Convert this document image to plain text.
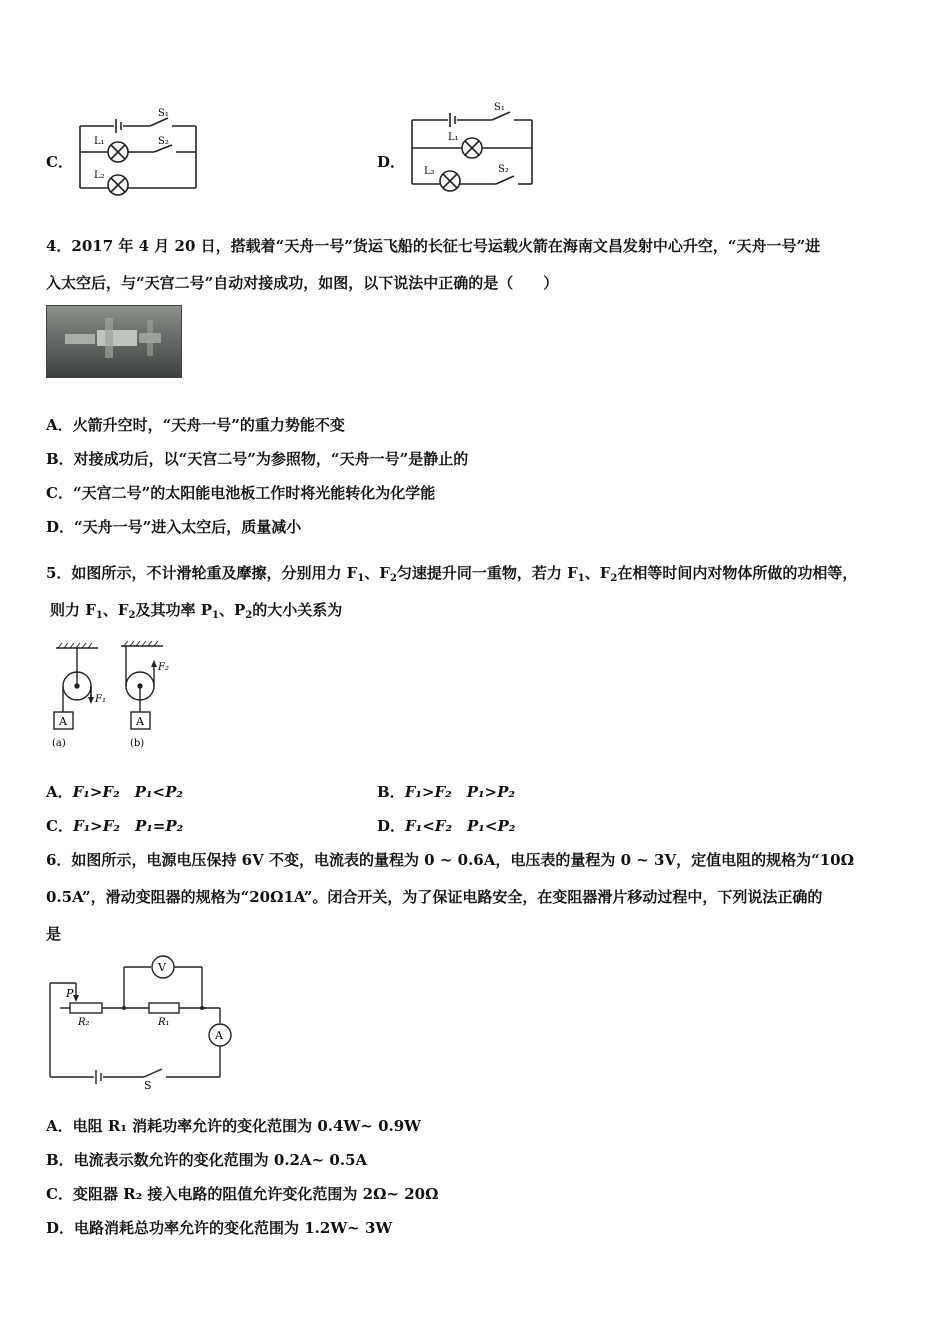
C．
S₁
L₁	S₂
L₂
D．
S₁
L₁
L₂	S₂
4．2017 年 4 月 20 日，搭载着“天舟一号”货运飞船的长征七号运载火箭在海南文昌发射中心升空，“天舟一号”进
入太空后，与“天宫二号”自动对接成功，如图，以下说法中正确的是（　　）
A．火箭升空时，“天舟一号”的重力势能不变
B．对接成功后，以“天宫二号”为参照物，“天舟一号”是静止的
C．“天宫二号”的太阳能电池板工作时将光能转化为化学能
D．“天舟一号”进入太空后，质量减小
5．如图所示，不计滑轮重及摩擦，分别用力 $F_1$、$F_2$匀速提升同一重物，若力 $F_1$、$F_2$在相等时间内对物体所做的功相等，
则力 $F_1$、$F_2$及其功率 $P_1$、$P_2$的大小关系为
F₁
F₂
A	A
(a)	(b)
A．F₁>F₂　P₁<P₂	B．F₁>F₂　P₁>P₂
C．F₁>F₂　P₁=P₂	D．F₁<F₂　P₁<P₂
6．如图所示，电源电压保持 6V 不变，电流表的量程为 0 ~ 0.6A，电压表的量程为 0 ~ 3V，定值电阻的规格为“10Ω
0.5A”，滑动变阻器的规格为“20Ω1A”。闭合开关，为了保证电路安全，在变阻器滑片移动过程中，下列说法正确的
是
V
A
P
R₂	R₁
S
A．电阻 R₁ 消耗功率允许的变化范围为 0.4W~ 0.9W
B．电流表示数允许的变化范围为 0.2A~ 0.5A
C．变阻器 R₂ 接入电路的阻值允许变化范围为 2Ω~ 20Ω
D．电路消耗总功率允许的变化范围为 1.2W~ 3W
